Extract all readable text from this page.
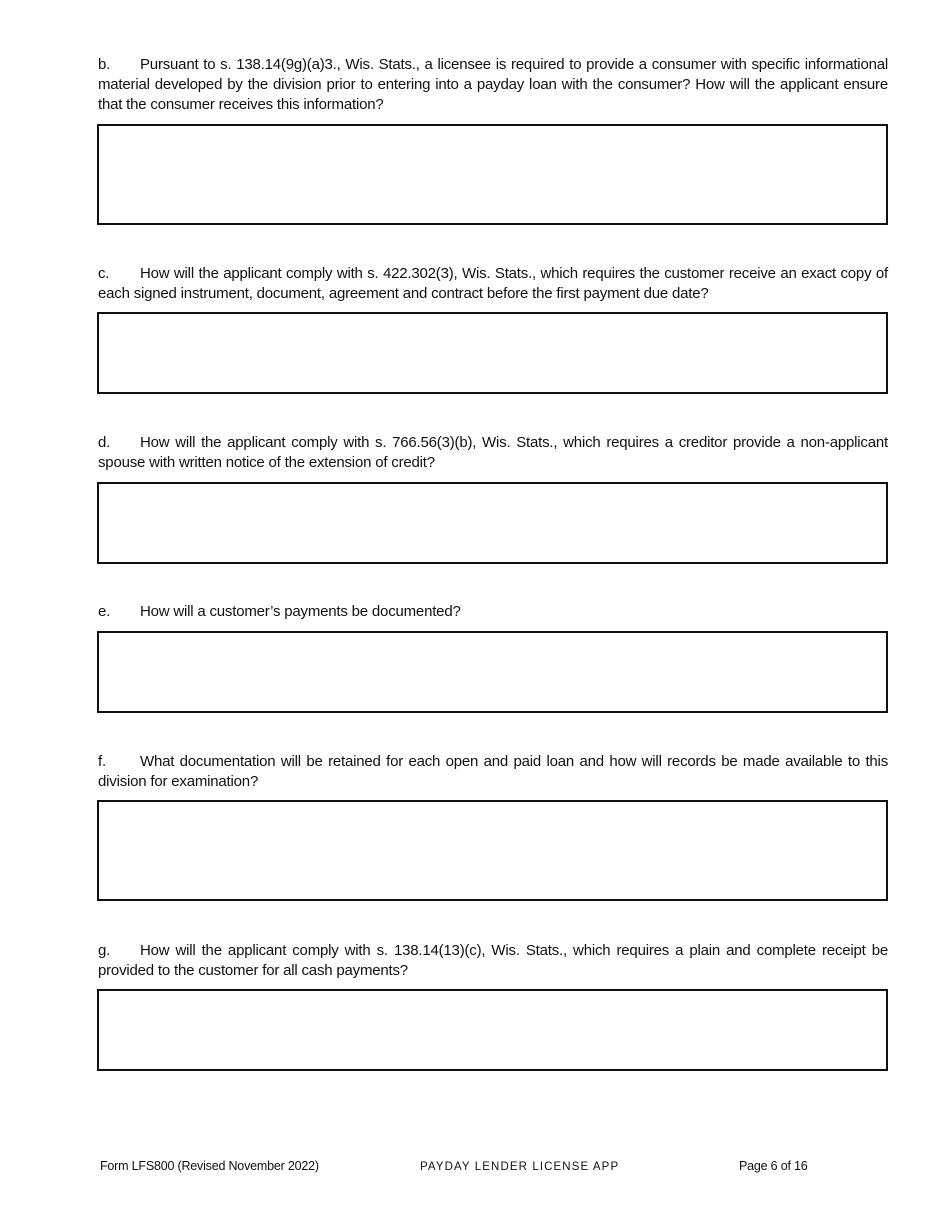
b. Pursuant to s. 138.14(9g)(a)3., Wis. Stats., a licensee is required to provide a consumer with specific informational material developed by the division prior to entering into a payday loan with the consumer? How will the applicant ensure that the consumer receives this information?
c. How will the applicant comply with s. 422.302(3), Wis. Stats., which requires the customer receive an exact copy of each signed instrument, document, agreement and contract before the first payment due date?
d. How will the applicant comply with s. 766.56(3)(b), Wis. Stats., which requires a creditor provide a non-applicant spouse with written notice of the extension of credit?
e. How will a customer’s payments be documented?
f. What documentation will be retained for each open and paid loan and how will records be made available to this division for examination?
g. How will the applicant comply with s. 138.14(13)(c), Wis. Stats., which requires a plain and complete receipt be provided to the customer for all cash payments?
Form LFS800 (Revised November 2022)	PAYDAY LENDER LICENSE APP	Page 6 of 16
